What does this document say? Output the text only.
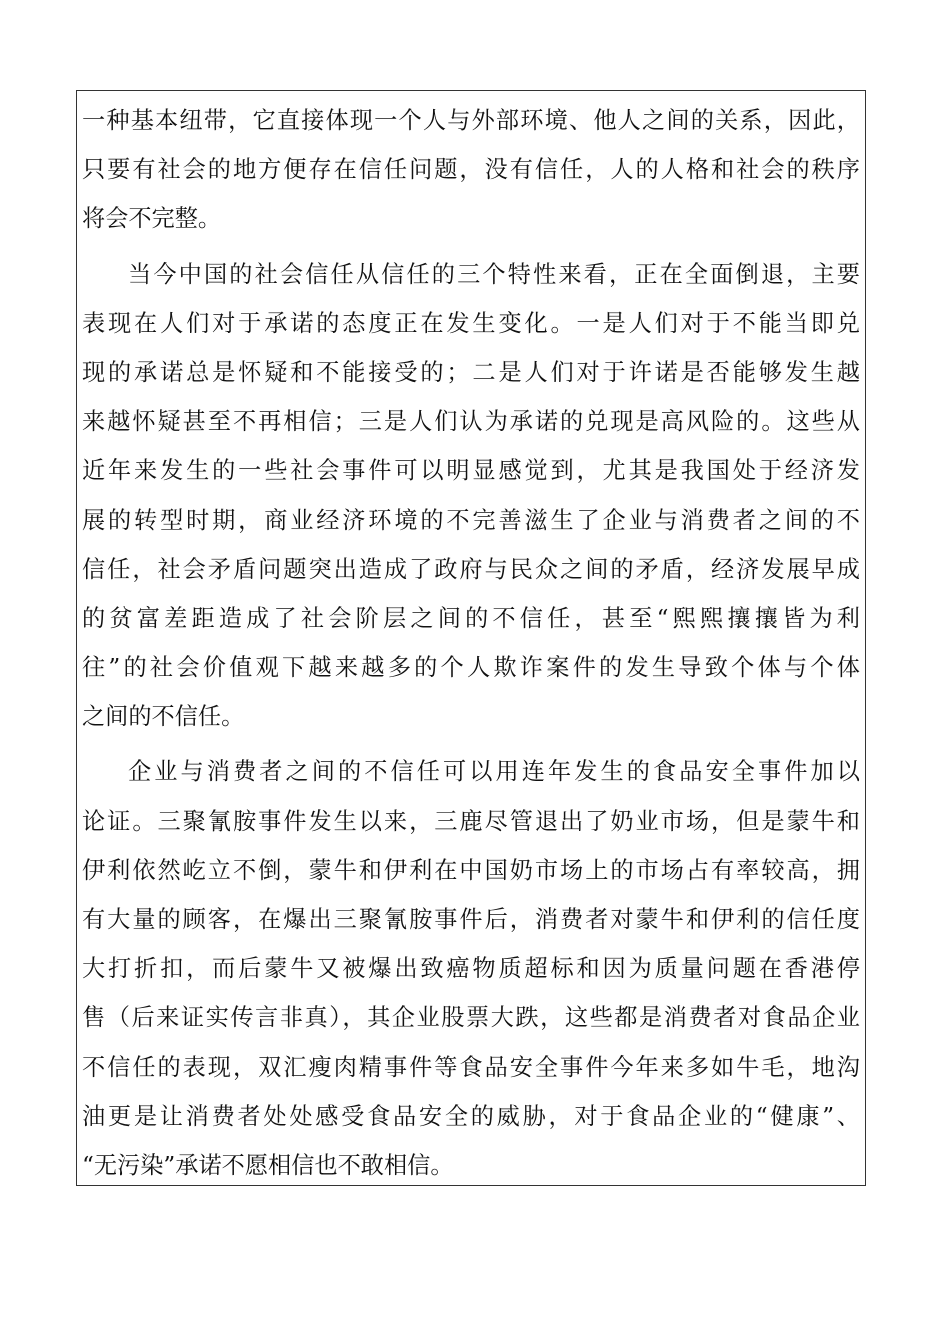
一种基本纽带，它直接体现一个人与外部环境、他人之间的关系，因此，
只要有社会的地方便存在信任问题，没有信任，人的人格和社会的秩序
将会不完整。
当今中国的社会信任从信任的三个特性来看，正在全面倒退，主要
表现在人们对于承诺的态度正在发生变化。一是人们对于不能当即兑
现的承诺总是怀疑和不能接受的；二是人们对于许诺是否能够发生越
来越怀疑甚至不再相信；三是人们认为承诺的兑现是高风险的。这些从
近年来发生的一些社会事件可以明显感觉到，尤其是我国处于经济发
展的转型时期，商业经济环境的不完善滋生了企业与消费者之间的不
信任，社会矛盾问题突出造成了政府与民众之间的矛盾，经济发展早成
的贫富差距造成了社会阶层之间的不信任，甚至“熙熙攘攘皆为利
往”的社会价值观下越来越多的个人欺诈案件的发生导致个体与个体
之间的不信任。
企业与消费者之间的不信任可以用连年发生的食品安全事件加以
论证。三聚氰胺事件发生以来，三鹿尽管退出了奶业市场，但是蒙牛和
伊利依然屹立不倒，蒙牛和伊利在中国奶市场上的市场占有率较高，拥
有大量的顾客，在爆出三聚氰胺事件后，消费者对蒙牛和伊利的信任度
大打折扣，而后蒙牛又被爆出致癌物质超标和因为质量问题在香港停
售（后来证实传言非真），其企业股票大跌，这些都是消费者对食品企业
不信任的表现，双汇瘦肉精事件等食品安全事件今年来多如牛毛，地沟
油更是让消费者处处感受食品安全的威胁，对于食品企业的“健康”、
“无污染”承诺不愿相信也不敢相信。
